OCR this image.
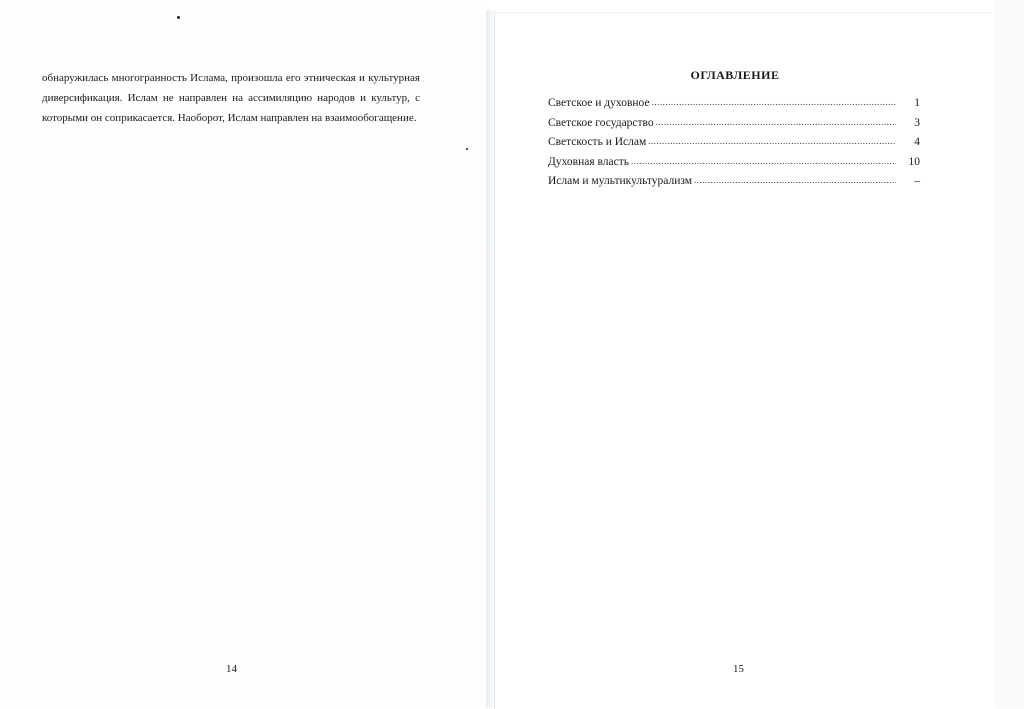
обнаружилась многогранность Ислама, произошла его этническая и культурная диверсификация. Ислам не направлен на ассимиляцию народов и культур, с которыми он соприкасается. Наоборот, Ислам направлен на взаимообогащение.

14
ОГЛАВЛЕНИЕ
Светское и духовное .....	1
Светское государство .....	3
Светскость и Ислам .....	4
Духовная власть .....	10
Ислам и мультикультурализм .....	–
15
